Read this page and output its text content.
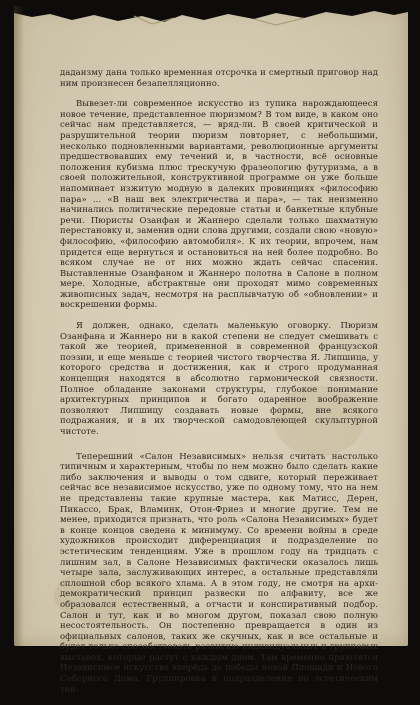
дадаизму дана только временная отсрочка и смертный приговор над ним произнесен безапелляционно.

Вывезет-ли современное искусство из тупика нарождающееся новое течение, представленное пюризмом? В том виде, в каком оно сейчас нам представляется, — вряд-ли. В своей критической и разрушительной теории пюризм повторяет, с небольшими, несколько подновленными вариантами, революционные аргументы предшествовавших ему течений и, в частности, всё основные положения кубизма плюс трескучую фразеологию футуризма, а в своей положительной, конструктивной программе он уже больше напоминает изжитую модную в далеких провинциях «философию пара» ... «В наш век электричества и пара», — так неизменно начинались политические передовые статьи и банкетные клубные речи. Пюристы Озанфан и Жаннеро сделали только шахматную перестановку и, заменив одни слова другими, создали свою «новую» философию, «философию автомобиля». К их теории, впрочем, нам придется еще вернуться и остановиться на ней более подробно. Во всяком случае не от них можно ждать сейчас спасения. Выставленные Озанфаном и Жаннеро полотна в Салоне в полном мере. Холодные, абстрактные они проходят мимо современных живописных задач, несмотря на расплывчатую об «обновлении» и воскрешении формы.

Я должен, однако, сделать маленькую оговорку. Пюризм Озанфана и Жаннеро ни в какой степени не следует смешивать с такой же теорией, примененной в современной французской поэзии, и еще меньше с теорией чистого творчества Я. Липшица, у которого средства и достижения, как и строго продуманная концепция находятся в абсолютно гармонической связности. Полное обладание законами структуры, глубокое понимание архитектурных принципов и богато одаренное воображение позволяют Липшицу создавать новые формы, вне всякого подражания, и в их творческой самодовлеющей скульптурной чистоте.

Теперешний «Салон Независимых» нельзя считать настолько типичным и характерным, чтобы по нем можно было сделать какие либо заключения и выводы о том сдвиге, который переживает сейчас все независимое искусство, уже по одному тому, что на нем не представлены такие крупные мастера, как Матисс, Дерен, Пикассо, Брак, Вламинк, Отон-Фриез и многие другие. Тем не менее, приходится признать, что роль «Салона Независимых» будет в конце концов сведена к минимуму. Со времени войны в среде художников происходит диференциация и подразделение по эстетическим тенденциям. Уже в прошлом году на тридцать с лишним зал, в Салоне Независимых фактически оказалось лишь четыре зала, заслуживающих интерес, а остальные представляли сплошной сбор всякого хлама. А в этом году, не смотря на архи-демократический принцип развески по алфавиту, все же образовался естественный, а отчасти и конспиративный подбор. Салон и тут, как и во многом другом, показал свою полную несостоятельность. Он постепенно превращается в один из официальных салонов, таких же скучных, как и все остальные и будет только способствовать развитию индивидуальных и групповых выставок, которые растут с каждым днем. Там временно приютятся Независимое искусство вперёдь до победы новой Площади и Нового Соборного Дома. Группировка и подразделение по эстетическим тен-
